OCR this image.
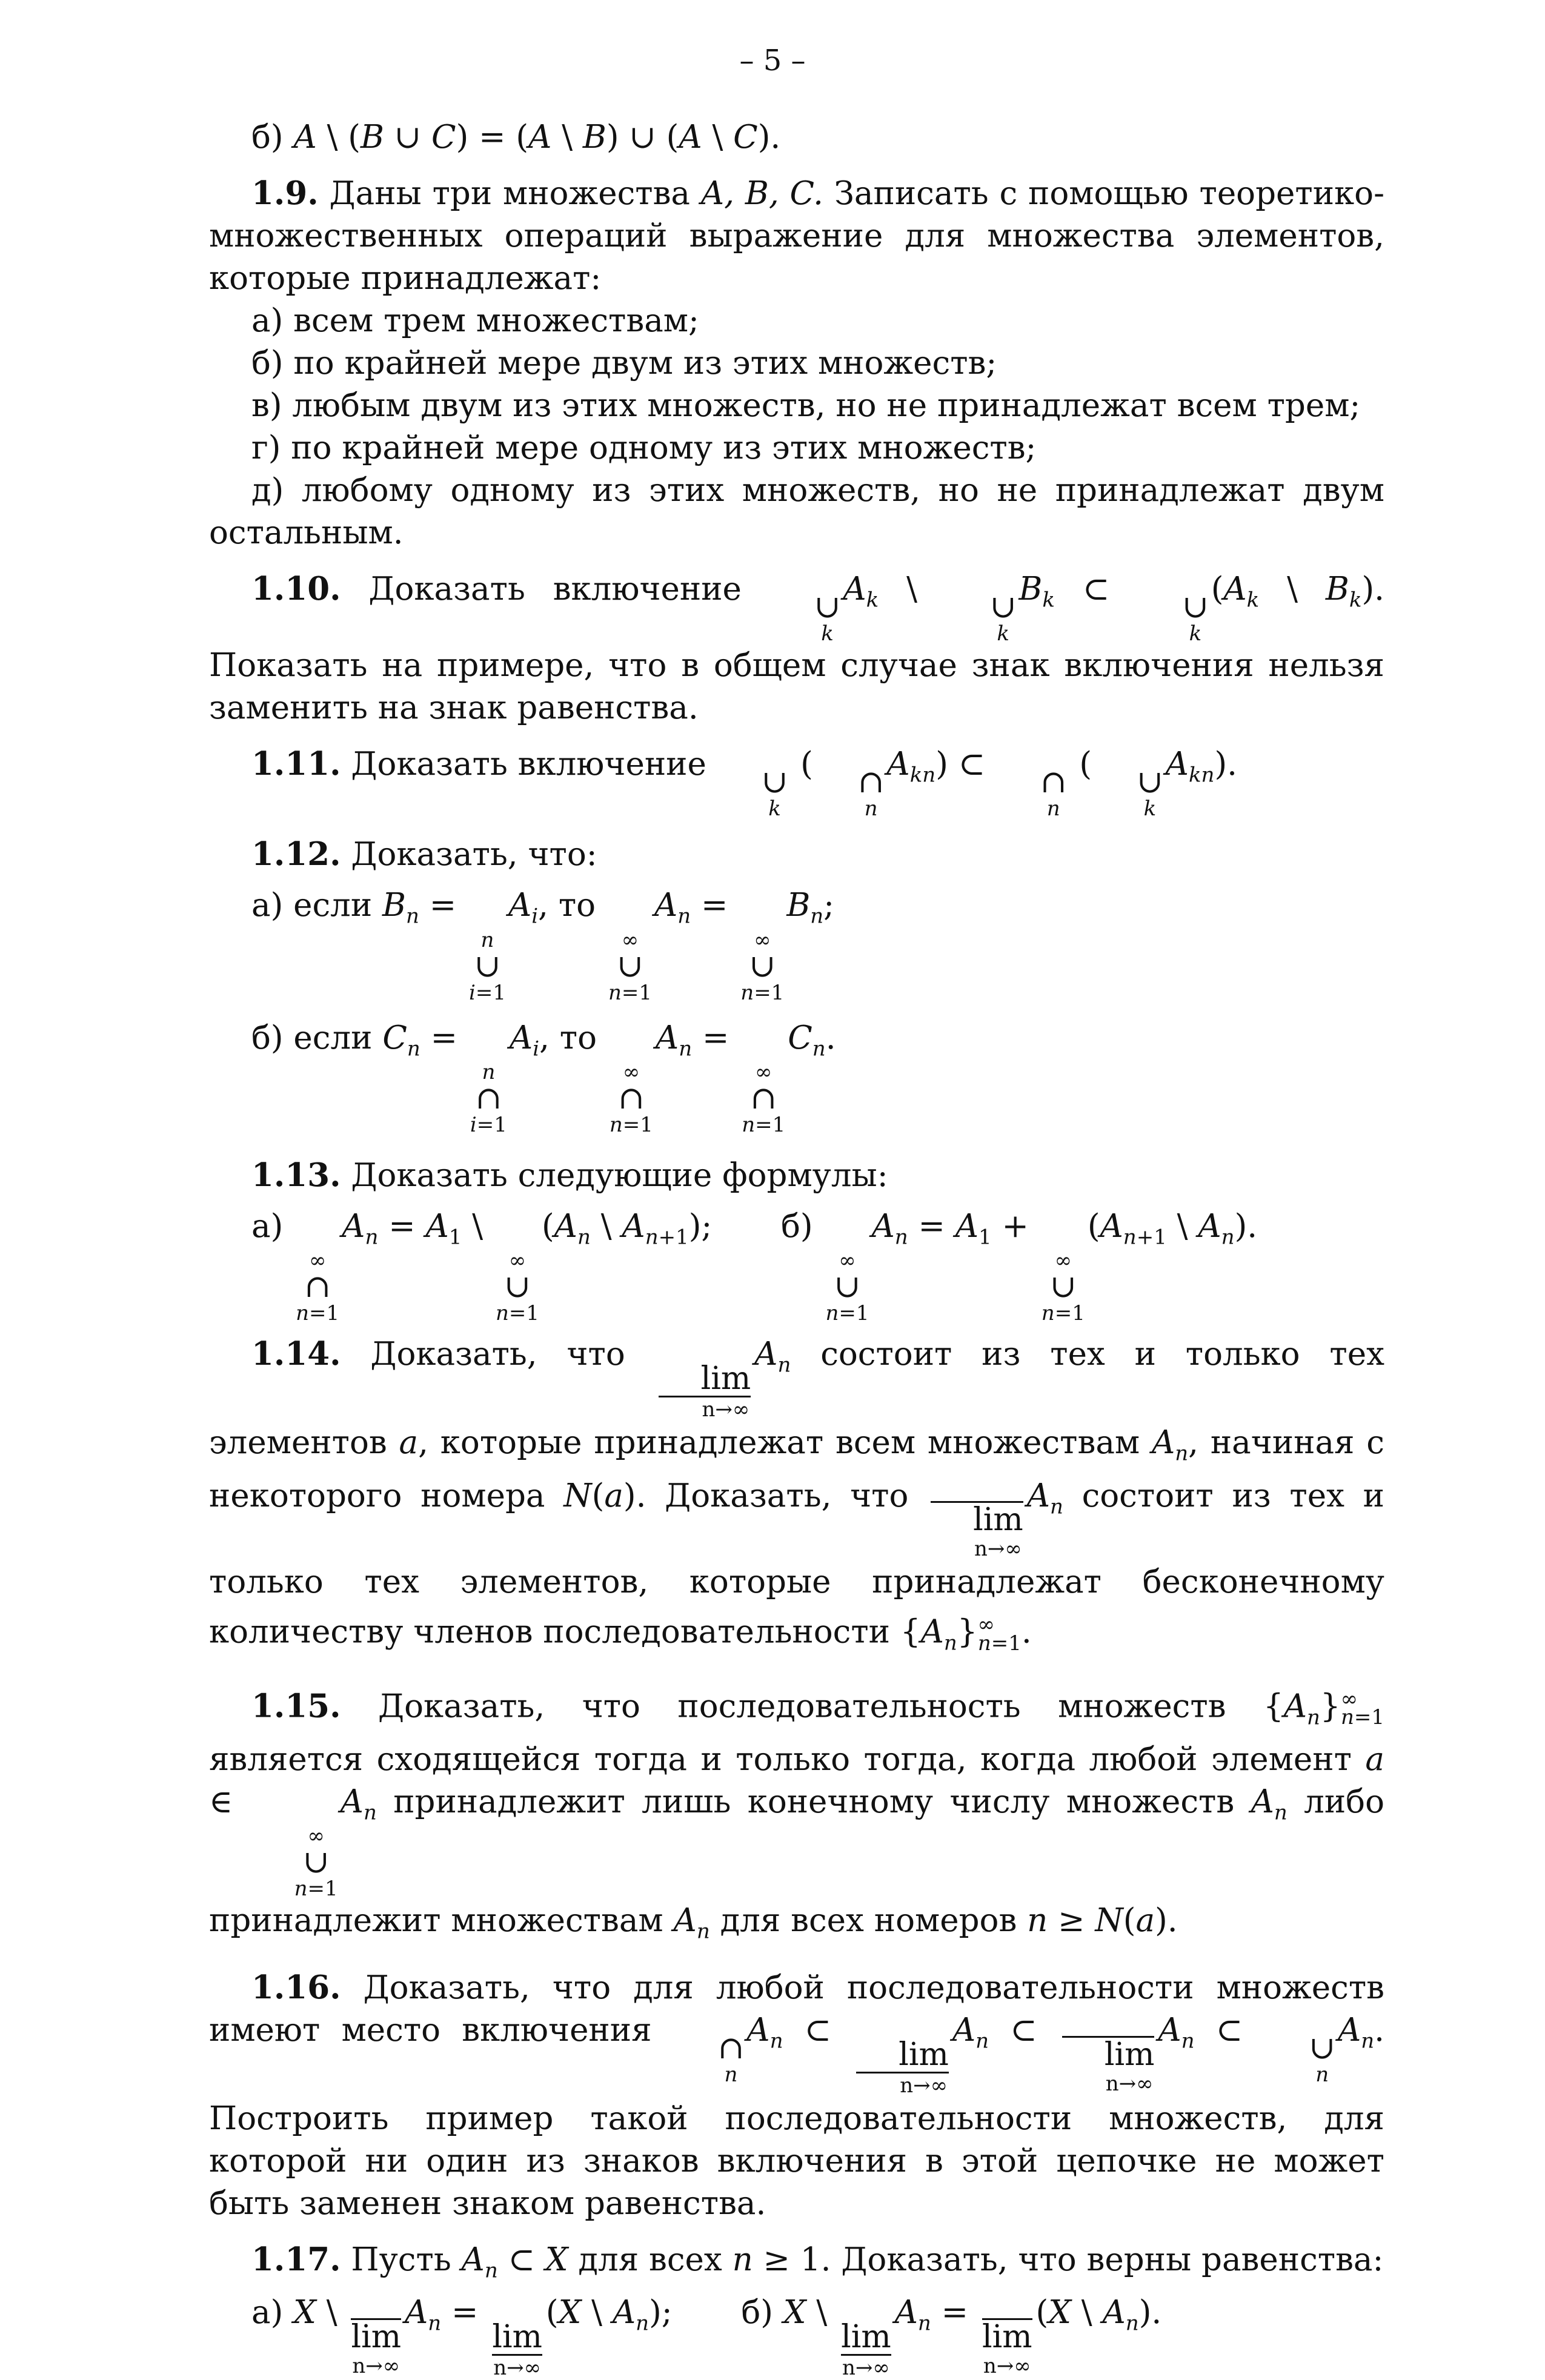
– 5 –

б) A \ (B ∪ C) = (A \ B) ∪ (A \ C).

1.9. Даны три множества A, B, C. Записать с помощью теоретико-множественных операций выражение для множества элементов, которые принадлежат:

а) всем трем множествам;

б) по крайней мере двум из этих множеств;

в) любым двум из этих множеств, но не принадлежат всем трем;

г) по крайней мере одному из этих множеств;

д) любому одному из этих множеств, но не принадлежат двум остальным.

1.10. Доказать включение	∪
k
$A_k$ \	∪
k
$B_k$ ⊂	∪
k
($A_k$ \ $B_k$). Показать на примере, что в общем случае знак включения нельзя заменить на знак равенства.

1.11. Доказать включение	∪
k
(	∩
n
$A_{kn}$) ⊂	∩
n
(	∪
k
$A_{kn}$).

1.12. Доказать, что:

а) если $B_n$ =
n
∪
i=1
$A_i$, то
∞
∪
n=1
$A_n$ =
∞
∪
n=1
$B_n$;

б) если $C_n$ =
n
∩
i=1
$A_i$, то
∞
∩
n=1
$A_n$ =
∞
∩
n=1
$C_n$.

1.13. Доказать следующие формулы:

а)
∞
∩
n=1
$A_n = A_1$ \
∞
∪
n=1
($A_n$ \ $A_{n+1}$);  б)
∞
∪
n=1
$A_n = A_1$ +
∞
∪
n=1
($A_{n+1}$ \ $A_n$).

1.14. Доказать, что
lim
n→∞
$A_n$ состоит из тех и только тех элементов a, которые принадлежат всем множествам $A_n$, начиная с некоторого номера N(a). Доказать, что
lim
n→∞
$A_n$ состоит из тех и только тех элементов, которые принадлежат бесконечному количеству членов последовательности $\{A_n\}^\infty_{n=1}$.

1.15. Доказать, что последовательность множеств $\{A_n\}^\infty_{n=1}$ является сходящейся тогда и только тогда, когда любой элемент a ∈
∞
∪
n=1
$A_n$ принадлежит лишь конечному числу множеств $A_n$ либо принадлежит множествам $A_n$ для всех номеров n ≥ N(a).

1.16. Доказать, что для любой последовательности множеств имеют место включения	∩
n
$A_n$ ⊂
lim
n→∞
$A_n$ ⊂
lim
n→∞
$A_n$ ⊂	∪
n
$A_n$. Построить пример такой последовательности множеств, для которой ни один из знаков включения в этой цепочке не может быть заменен знаком равенства.

1.17. Пусть $A_n$ ⊂ X для всех n ≥ 1. Доказать, что верны равенства:

а) X \
lim
n→∞
$A_n$ =
lim
n→∞
(X \ $A_n$);  б) X \
lim
n→∞
$A_n$ =
lim
n→∞
(X \ $A_n$).
